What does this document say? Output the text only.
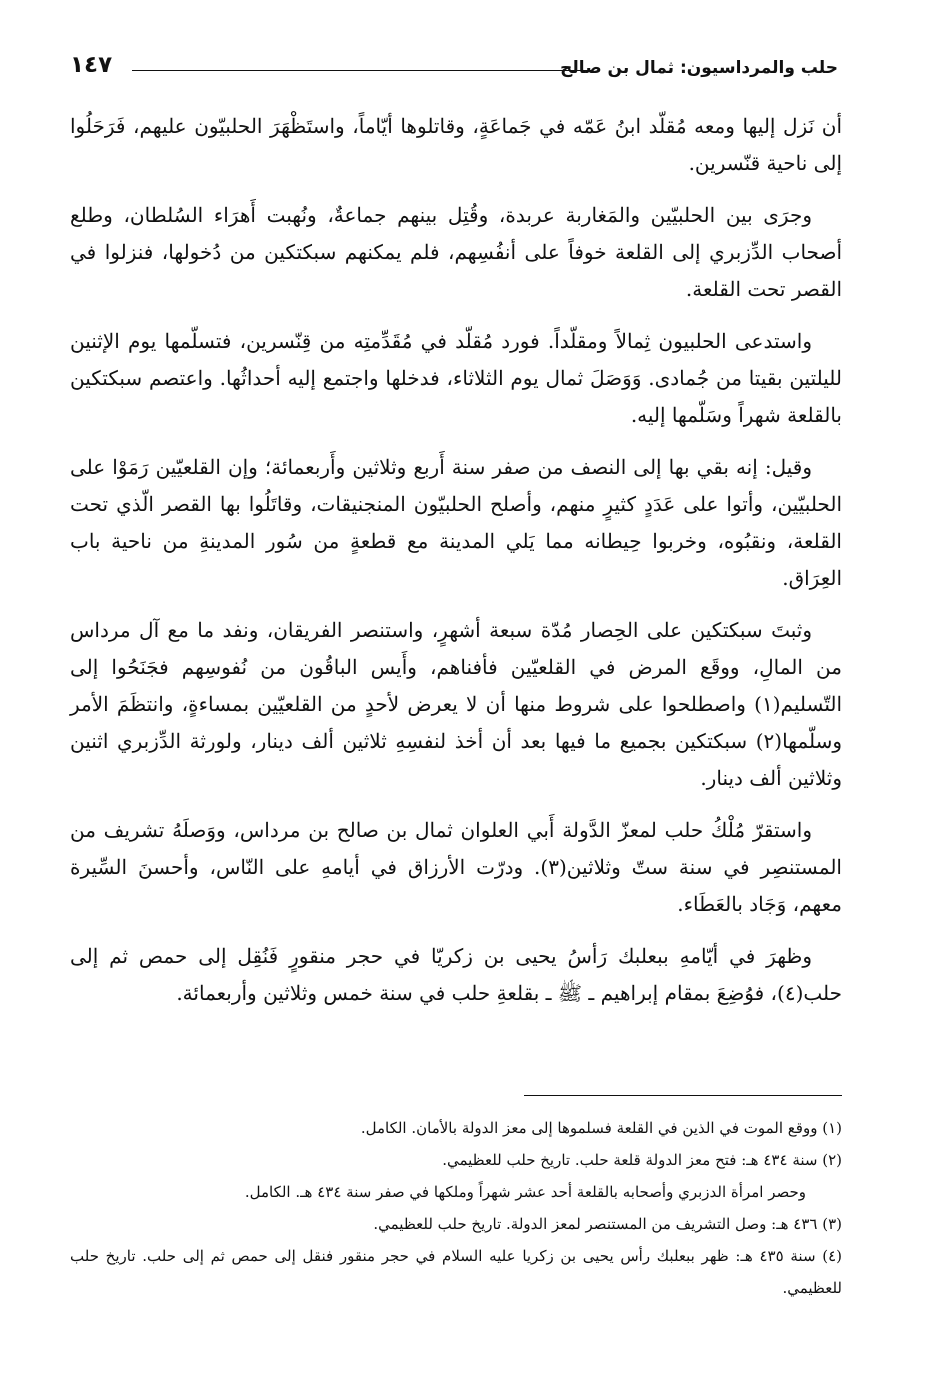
حلب والمرداسيون: ثمال بن صالح
١٤٧

أن نَزل إليها ومعه مُقلّد ابنُ عَمّه في جَماعَةٍ، وقاتلوها أيّاماً، واستَظْهَرَ الحلبيّون عليهم، فَرَحَلُوا إلى ناحية قنّسرين.

وجرَى بين الحلبيّين والمَغاربة عربدة، وقُتِل بينهم جماعةٌ، ونُهبت أَهرَاء السُلطان، وطلع أصحاب الدِّزبري إلى القلعة خوفاً على أنفُسِهم، فلم يمكنهم سبكتكين من دُخولها، فنزلوا في القصر تحت القلعة.

واستدعى الحلبيون ثِمالاً ومقلّداً. فورد مُقلّد في مُقَدِّمتِه من قِنّسرين، فتسلّمها يوم الإثنين لليلتين بقيتا من جُمادى. وَوَصَلَ ثمال يوم الثلاثاء، فدخلها واجتمع إليه أحداثُها. واعتصم سبكتكين بالقلعة شهراً وسَلّمها إليه.

وقيل: إنه بقي بها إلى النصف من صفر سنة أَربع وثلاثين وأَربعمائة؛ وإن القلعيّين رَمَوْا على الحلبيّين، وأتوا على عَدَدٍ كثيرٍ منهم، وأصلح الحلبيّون المنجنيقات، وقاتَلُوا بها القصر الّذي تحت القلعة، ونقبُوه، وخربوا حِيطانه مما يَلي المدينة مع قطعةٍ من سُور المدينةِ من ناحية باب العِرَاق.

وثبتَ سبكتكين على الحِصار مُدّة سبعة أشهرٍ، واستنصر الفريقان، ونفد ما مع آل مرداس من المالِ، ووقَع المرض في القلعيّين فأفناهم، وأَيس الباقُون من نُفوسِهم فجَنَحُوا إلى التّسليم(١) واصطلحوا على شروط منها أن لا يعرض لأحدٍ من القلعيّين بمساءةٍ، وانتظَمَ الأمر وسلّمها(٢) سبكتكين بجميع ما فيها بعد أن أخذ لنفسِهِ ثلاثين ألف دينار، ولورثة الدِّزبري اثنين وثلاثين ألف دينار.

واستقرّ مُلْكُ حلب لمعزّ الدَّولة أَبي العلوان ثمال بن صالح بن مرداس، ووَصلَهُ تشريف من المستنصِر في سنة ستّ وثلاثين(٣). ودرّت الأرزاق في أيامهِ على النّاس، وأحسنَ السِّيرة معهم، وَجَاد بالعَطَاء.

وظهرَ في أيّامهِ ببعلبك رَأسُ يحيى بن زكريّا في حجر منقورٍ فَنُقِل إلى حمص ثم إلى حلب(٤)، فوُضِعَ بمقام إبراهيم ـ ﷺ ـ بقلعةِ حلب في سنة خمس وثلاثين وأربعمائة.

(١) ووقع الموت في الذين في القلعة فسلموها إلى معز الدولة بالأمان. الكامل.

(٢) سنة ٤٣٤ هـ: فتح معز الدولة قلعة حلب. تاريخ حلب للعظيمي.

وحصر امرأة الدزبري وأصحابه بالقلعة أحد عشر شهراً وملكها في صفر سنة ٤٣٤ هـ. الكامل.

(٣) ٤٣٦ هـ: وصل التشريف من المستنصر لمعز الدولة. تاريخ حلب للعظيمي.

(٤) سنة ٤٣٥ هـ: ظهر ببعلبك رأس يحيى بن زكريا عليه السلام في حجر منقور فنقل إلى حمص ثم إلى حلب. تاريخ حلب للعظيمي.
